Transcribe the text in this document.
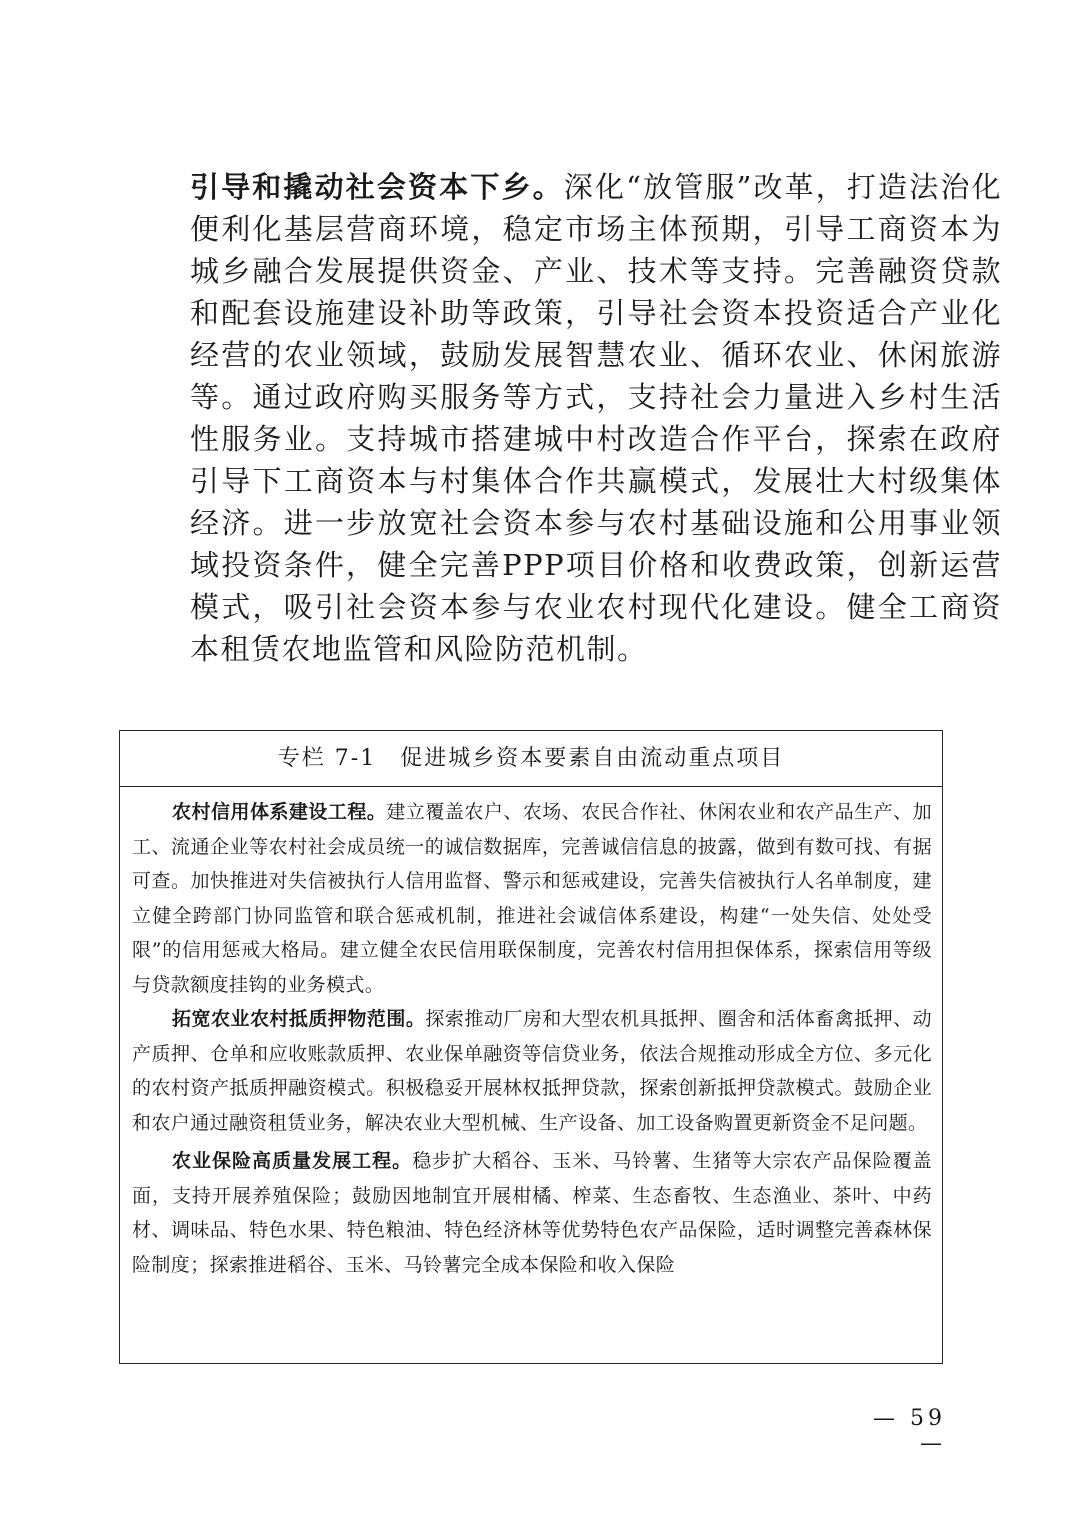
引导和撬动社会资本下乡。深化“放管服”改革，打造法治化便利化基层营商环境，稳定市场主体预期，引导工商资本为城乡融合发展提供资金、产业、技术等支持。完善融资贷款和配套设施建设补助等政策，引导社会资本投资适合产业化经营的农业领域，鼓励发展智慧农业、循环农业、休闲旅游等。通过政府购买服务等方式，支持社会力量进入乡村生活性服务业。支持城市搭建城中村改造合作平台，探索在政府引导下工商资本与村集体合作共赢模式，发展壮大村级集体经济。进一步放宽社会资本参与农村基础设施和公用事业领域投资条件，健全完善PPP项目价格和收费政策，创新运营模式，吸引社会资本参与农业农村现代化建设。健全工商资本租赁农地监管和风险防范机制。

专栏 7-1　促进城乡资本要素自由流动重点项目

农村信用体系建设工程。建立覆盖农户、农场、农民合作社、休闲农业和农产品生产、加工、流通企业等农村社会成员统一的诚信数据库，完善诚信信息的披露，做到有数可找、有据可查。加快推进对失信被执行人信用监督、警示和惩戒建设，完善失信被执行人名单制度，建立健全跨部门协同监管和联合惩戒机制，推进社会诚信体系建设，构建“一处失信、处处受限”的信用惩戒大格局。建立健全农民信用联保制度，完善农村信用担保体系，探索信用等级与贷款额度挂钩的业务模式。

拓宽农业农村抵质押物范围。探索推动厂房和大型农机具抵押、圈舍和活体畜禽抵押、动产质押、仓单和应收账款质押、农业保单融资等信贷业务，依法合规推动形成全方位、多元化的农村资产抵质押融资模式。积极稳妥开展林权抵押贷款，探索创新抵押贷款模式。鼓励企业和农户通过融资租赁业务，解决农业大型机械、生产设备、加工设备购置更新资金不足问题。

农业保险高质量发展工程。稳步扩大稻谷、玉米、马铃薯、生猪等大宗农产品保险覆盖面，支持开展养殖保险；鼓励因地制宜开展柑橘、榨菜、生态畜牧、生态渔业、茶叶、中药材、调味品、特色水果、特色粮油、特色经济林等优势特色农产品保险，适时调整完善森林保险制度；探索推进稻谷、玉米、马铃薯完全成本保险和收入保险

— 59 —
